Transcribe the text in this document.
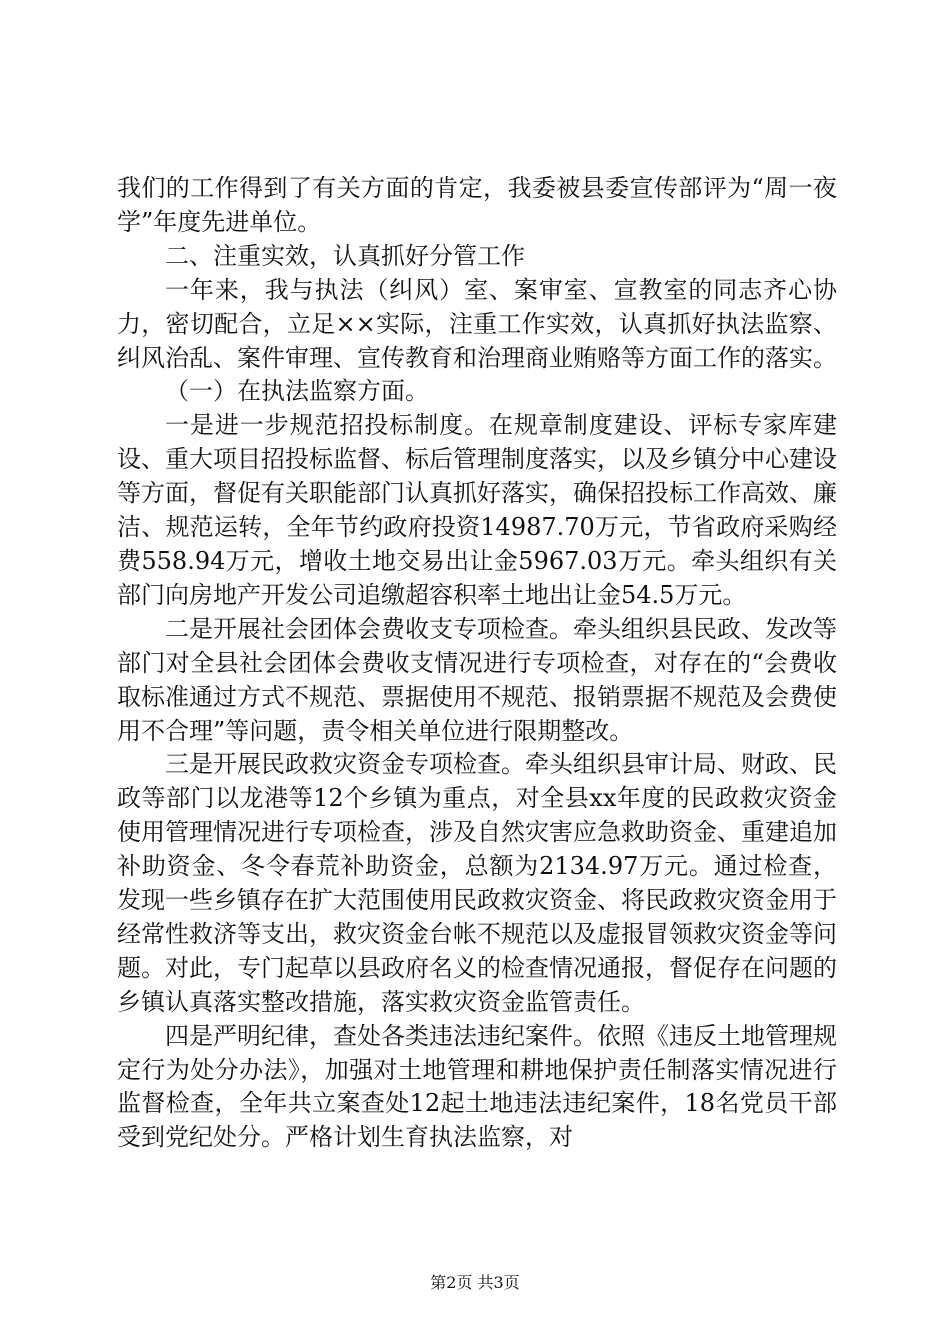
我们的工作得到了有关方面的肯定，我委被县委宣传部评为“周一夜学”年度先进单位。

二、注重实效，认真抓好分管工作

一年来，我与执法（纠风）室、案审室、宣教室的同志齐心协力，密切配合，立足××实际，注重工作实效，认真抓好执法监察、纠风治乱、案件审理、宣传教育和治理商业贿赂等方面工作的落实。

（一）在执法监察方面。

一是进一步规范招投标制度。在规章制度建设、评标专家库建设、重大项目招投标监督、标后管理制度落实，以及乡镇分中心建设等方面，督促有关职能部门认真抓好落实，确保招投标工作高效、廉洁、规范运转，全年节约政府投资14987.70万元，节省政府采购经费558.94万元，增收土地交易出让金5967.03万元。牵头组织有关部门向房地产开发公司追缴超容积率土地出让金54.5万元。

二是开展社会团体会费收支专项检查。牵头组织县民政、发改等部门对全县社会团体会费收支情况进行专项检查，对存在的“会费收取标准通过方式不规范、票据使用不规范、报销票据不规范及会费使用不合理”等问题，责令相关单位进行限期整改。

三是开展民政救灾资金专项检查。牵头组织县审计局、财政、民政等部门以龙港等12个乡镇为重点，对全县xx年度的民政救灾资金使用管理情况进行专项检查，涉及自然灾害应急救助资金、重建追加补助资金、冬令春荒补助资金，总额为2134.97万元。通过检查，发现一些乡镇存在扩大范围使用民政救灾资金、将民政救灾资金用于经常性救济等支出，救灾资金台帐不规范以及虚报冒领救灾资金等问题。对此，专门起草以县政府名义的检查情况通报，督促存在问题的乡镇认真落实整改措施，落实救灾资金监管责任。

四是严明纪律，查处各类违法违纪案件。依照《违反土地管理规定行为处分办法》，加强对土地管理和耕地保护责任制落实情况进行监督检查，全年共立案查处12起土地违法违纪案件，18名党员干部受到党纪处分。严格计划生育执法监察，对

第2页 共3页
